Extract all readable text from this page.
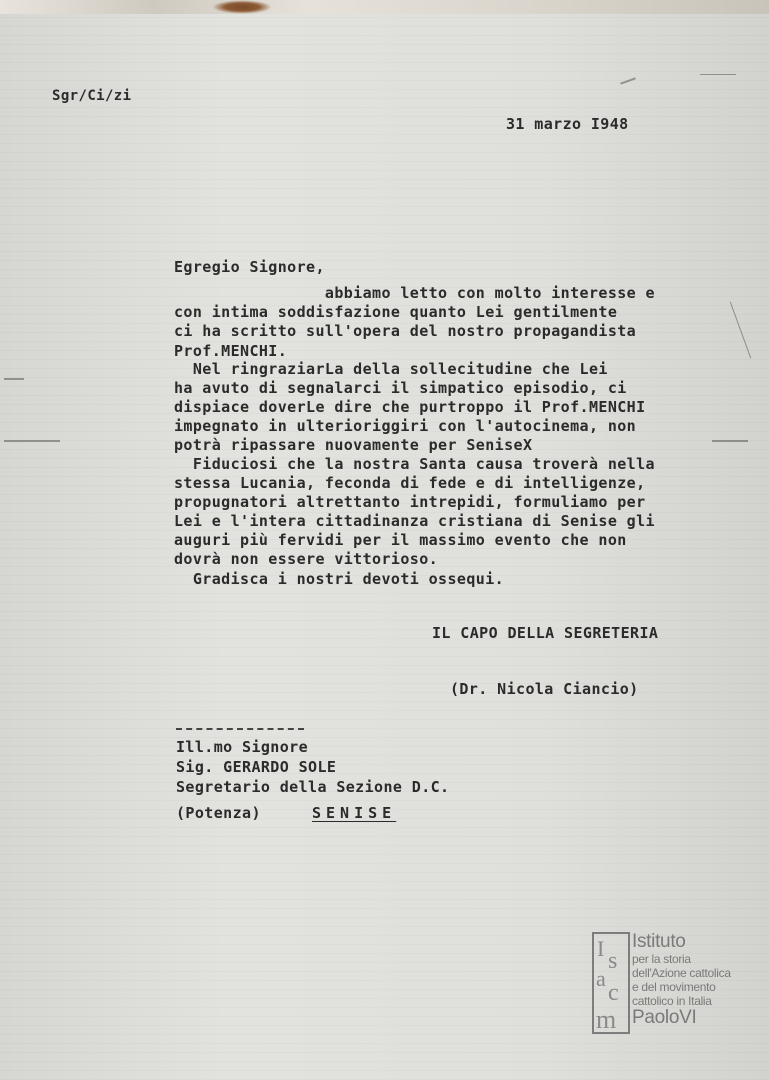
Sgr/Ci/zi
31 marzo I948
Egregio Signore,
abbiamo letto con molto interesse e
con intima soddisfazione quanto Lei gentilmente
ci ha scritto sull'opera del nostro propagandista
Prof.MENCHI.
Nel ringraziarLa della sollecitudine che Lei
ha avuto di segnalarci il simpatico episodio, ci
dispiace doverLe dire che purtroppo il Prof.MENCHI
impegnato in ulterioriggiri con l'autocinema, non
potrà ripassare nuovamente per SeniseX
Fiduciosi che la nostra Santa causa troverà nella
stessa Lucania, feconda di fede e di intelligenze,
propugnatori altrettanto intrepidi, formuliamo per
Lei e l'intera cittadinanza cristiana di Senise gli
auguri più fervidi per il massimo evento che non
dovrà non essere vittorioso.
Gradisca i nostri devoti ossequi.
IL CAPO DELLA SEGRETERIA
(Dr. Nicola Ciancio)
Ill.mo Signore
Sig. GERARDO SOLE
Segretario della Sezione D.C.
(Potenza)	SENISE
I s
a
c
m
Istituto
per la storia
dell'Azione cattolica
e del movimento
cattolico in Italia
PaoloVI
